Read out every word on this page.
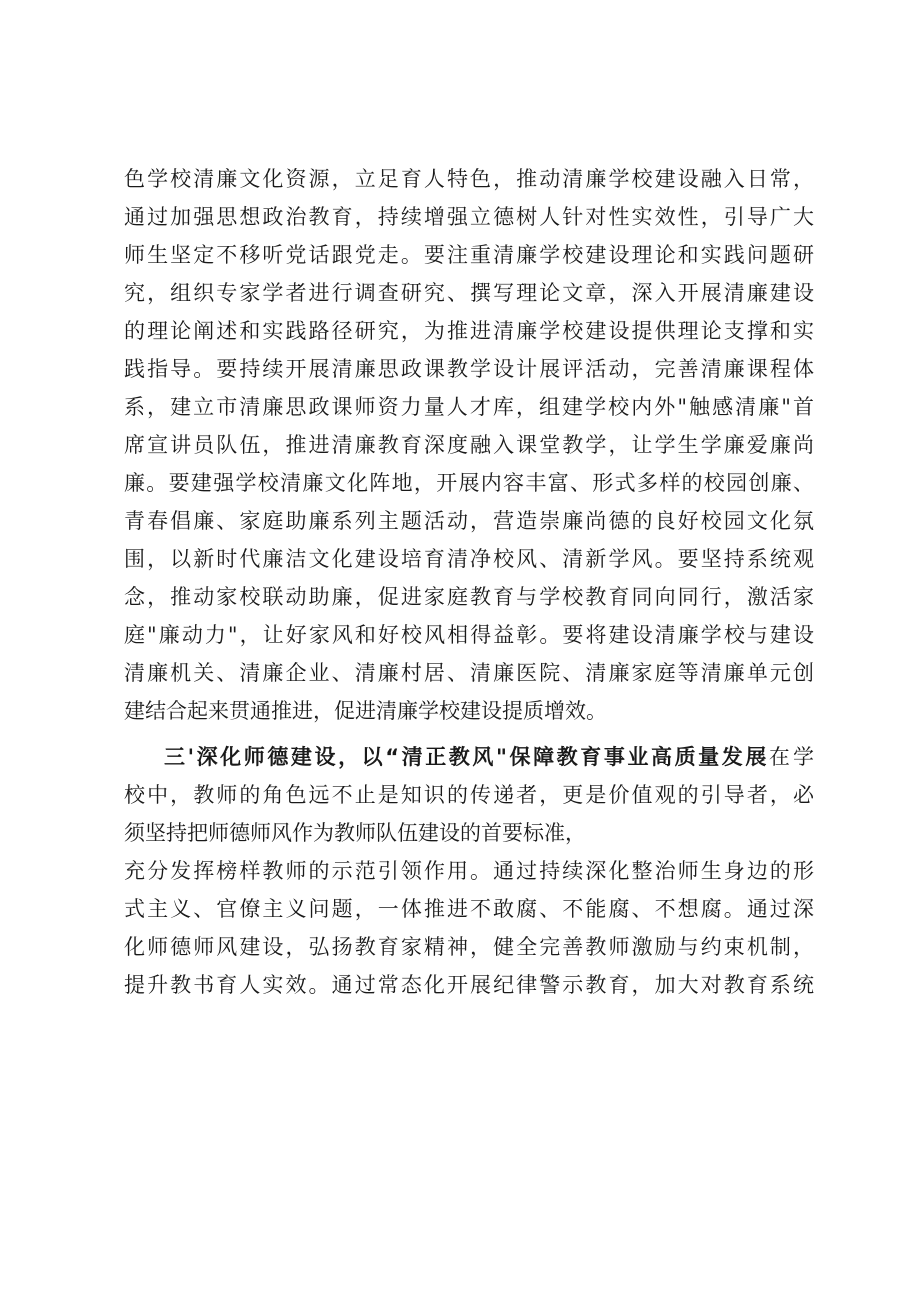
色学校清廉文化资源，立足育人特色，推动清廉学校建设融入日常，
通过加强思想政治教育，持续增强立德树人针对性实效性，引导广大
师生坚定不移听党话跟党走。要注重清廉学校建设理论和实践问题研
究，组织专家学者进行调查研究、撰写理论文章，深入开展清廉建设
的理论阐述和实践路径研究，为推进清廉学校建设提供理论支撑和实
践指导。要持续开展清廉思政课教学设计展评活动，完善清廉课程体
系，建立市清廉思政课师资力量人才库，组建学校内外"触感清廉"首
席宣讲员队伍，推进清廉教育深度融入课堂教学，让学生学廉爱廉尚
廉。要建强学校清廉文化阵地，开展内容丰富、形式多样的校园创廉、
青春倡廉、家庭助廉系列主题活动，营造崇廉尚德的良好校园文化氛
围，以新时代廉洁文化建设培育清净校风、清新学风。要坚持系统观
念，推动家校联动助廉，促进家庭教育与学校教育同向同行，激活家
庭"廉动力"，让好家风和好校风相得益彰。要将建设清廉学校与建设
清廉机关、清廉企业、清廉村居、清廉医院、清廉家庭等清廉单元创
建结合起来贯通推进，促进清廉学校建设提质增效。
三'深化师德建设，以“清正教风"保障教育事业高质量发展在学
校中，教师的角色远不止是知识的传递者，更是价值观的引导者，必
须坚持把师德师风作为教师队伍建设的首要标准，
充分发挥榜样教师的示范引领作用。通过持续深化整治师生身边的形
式主义、官僚主义问题，一体推进不敢腐、不能腐、不想腐。通过深
化师德师风建设，弘扬教育家精神，健全完善教师激励与约束机制，
提升教书育人实效。通过常态化开展纪律警示教育，加大对教育系统
